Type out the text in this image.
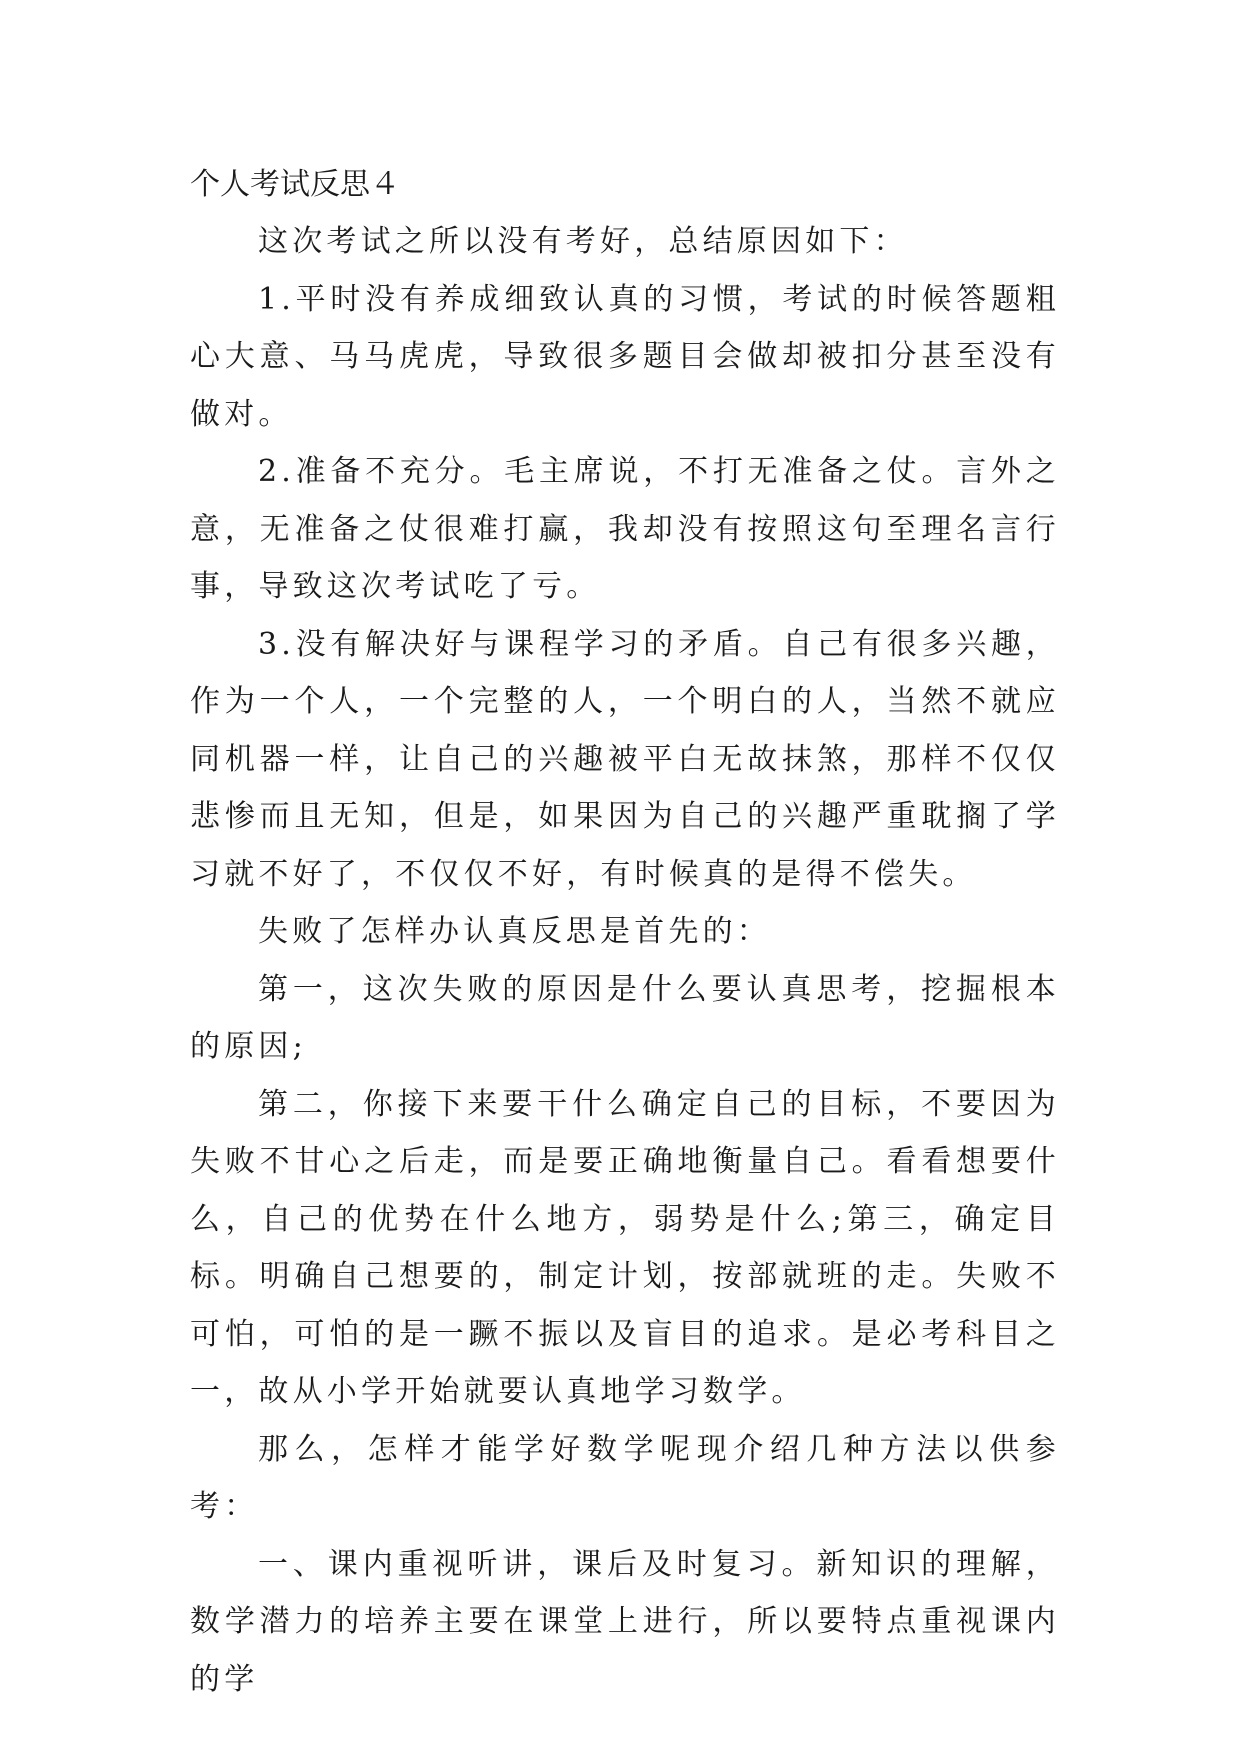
个人考试反思４

这次考试之所以没有考好，总结原因如下：

1.平时没有养成细致认真的习惯，考试的时候答题粗心大意、马马虎虎，导致很多题目会做却被扣分甚至没有做对。

2.准备不充分。毛主席说，不打无准备之仗。言外之意，无准备之仗很难打赢，我却没有按照这句至理名言行事，导致这次考试吃了亏。

3.没有解决好与课程学习的矛盾。自己有很多兴趣，作为一个人，一个完整的人，一个明白的人，当然不就应同机器一样，让自己的兴趣被平白无故抹煞，那样不仅仅悲惨而且无知，但是，如果因为自己的兴趣严重耽搁了学习就不好了，不仅仅不好，有时候真的是得不偿失。

失败了怎样办认真反思是首先的：

第一，这次失败的原因是什么要认真思考，挖掘根本的原因;

第二，你接下来要干什么确定自己的目标，不要因为失败不甘心之后走，而是要正确地衡量自己。看看想要什么，自己的优势在什么地方，弱势是什么;第三，确定目标。明确自己想要的，制定计划，按部就班的走。失败不可怕，可怕的是一蹶不振以及盲目的追求。是必考科目之一，故从小学开始就要认真地学习数学。

那么，怎样才能学好数学呢现介绍几种方法以供参考：

一、课内重视听讲，课后及时复习。新知识的理解，数学潜力的培养主要在课堂上进行，所以要特点重视课内的学
